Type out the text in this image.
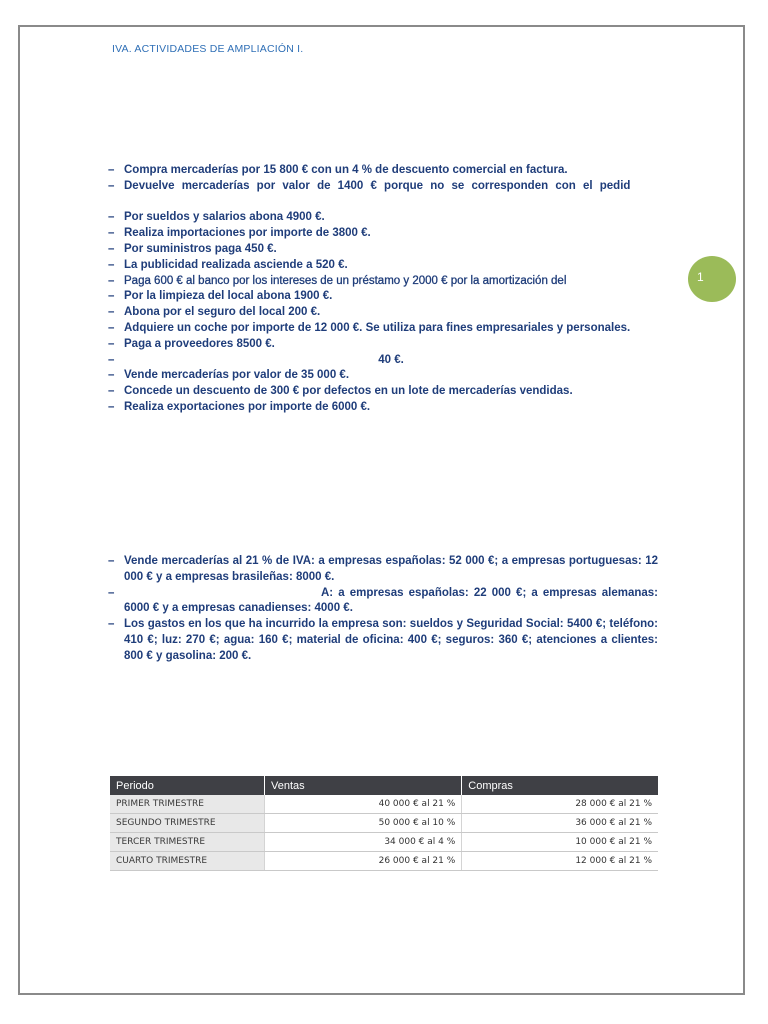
IVA. ACTIVIDADES DE AMPLIACIÓN I.
1
– Compra mercaderías por 15 800 € con un 4 % de descuento comercial en factura.
– Devuelve mercaderías por valor de 1400 € porque no se corresponden con el pedid
– Por sueldos y salarios abona 4900 €.
– Realiza importaciones por importe de 3800 €.
– Por suministros paga 450 €.
– La publicidad realizada asciende a 520 €.
– Paga 600 € al banco por los intereses de un préstamo y 2000 € por la amortización del
– Por la limpieza del local abona 1900 €.
– Abona por el seguro del local 200 €.
– Adquiere un coche por importe de 12 000 €. Se utiliza para fines empresariales y personales.
– Paga a proveedores 8500 €.
–	40 €.
– Vende mercaderías por valor de 35 000 €.
– Concede un descuento de 300 € por defectos en un lote de mercaderías vendidas.
– Realiza exportaciones por importe de 6000 €.
– Vende mercaderías al 21 % de IVA: a empresas españolas: 52 000 €; a empresas portuguesas: 12 000 € y a empresas brasileñas: 8000 €.
–	A: a empresas españolas: 22 000 €; a empresas alemanas: 6000 € y a empresas canadienses: 4000 €.
– Los gastos en los que ha incurrido la empresa son: sueldos y Seguridad Social: 5400 €; teléfono: 410 €; luz: 270 €; agua: 160 €; material de oficina: 400 €; seguros: 360 €; atenciones a clientes: 800 € y gasolina: 200 €.
Periodo	Ventas	Compras
PRIMER TRIMESTRE	40 000 € al 21 %	28 000 € al 21 %
SEGUNDO TRIMESTRE	50 000 € al 10 %	36 000 € al 21 %
TERCER TRIMESTRE	34 000 € al 4 %	10 000 € al 21 %
CUARTO TRIMESTRE	26 000 € al 21 %	12 000 € al 21 %
